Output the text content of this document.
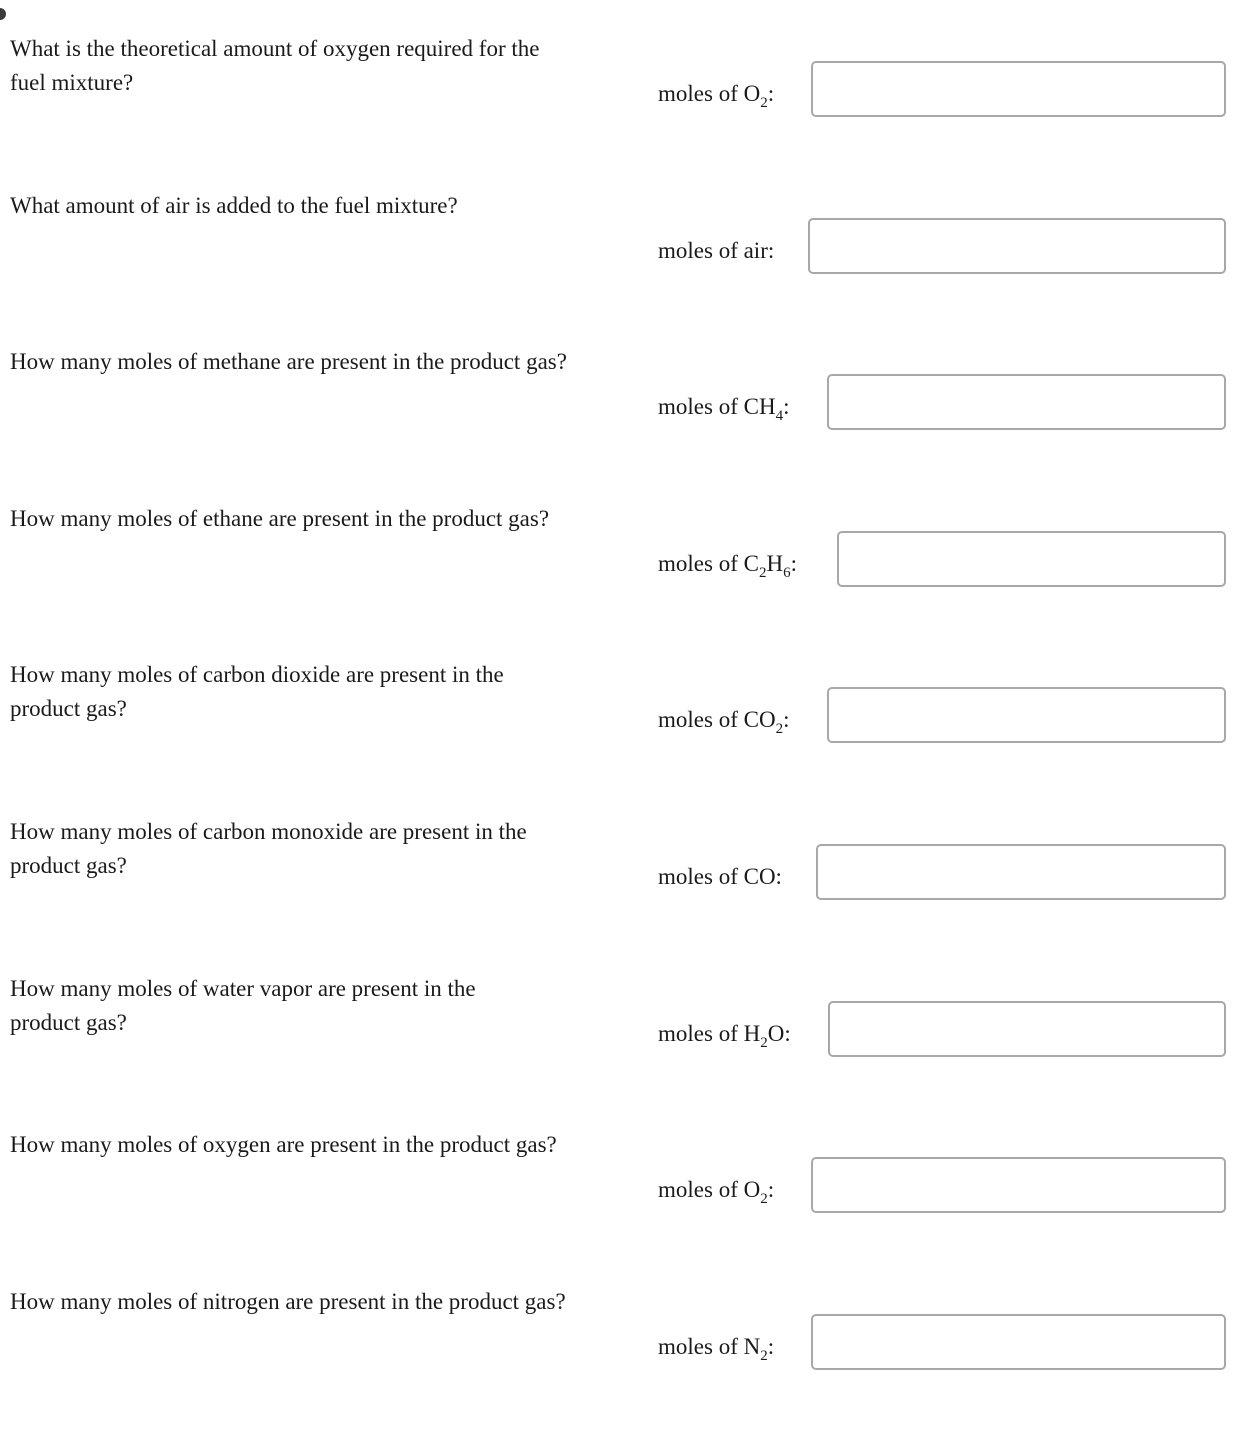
What is the theoretical amount of oxygen required for the fuel mixture?	moles of $O_2$:
What amount of air is added to the fuel mixture?
moles of air:
How many moles of methane are present in the product gas?
moles of $CH_4$:
How many moles of ethane are present in the product gas?
moles of $C_2H_6$:
How many moles of carbon dioxide are present in the product gas?	moles of $CO_2$:
How many moles of carbon monoxide are present in the product gas?	moles of CO:
How many moles of water vapor are present in the product gas?	moles of $H_2O$:
How many moles of oxygen are present in the product gas?
moles of $O_2$:
How many moles of nitrogen are present in the product gas?
moles of $N_2$:
